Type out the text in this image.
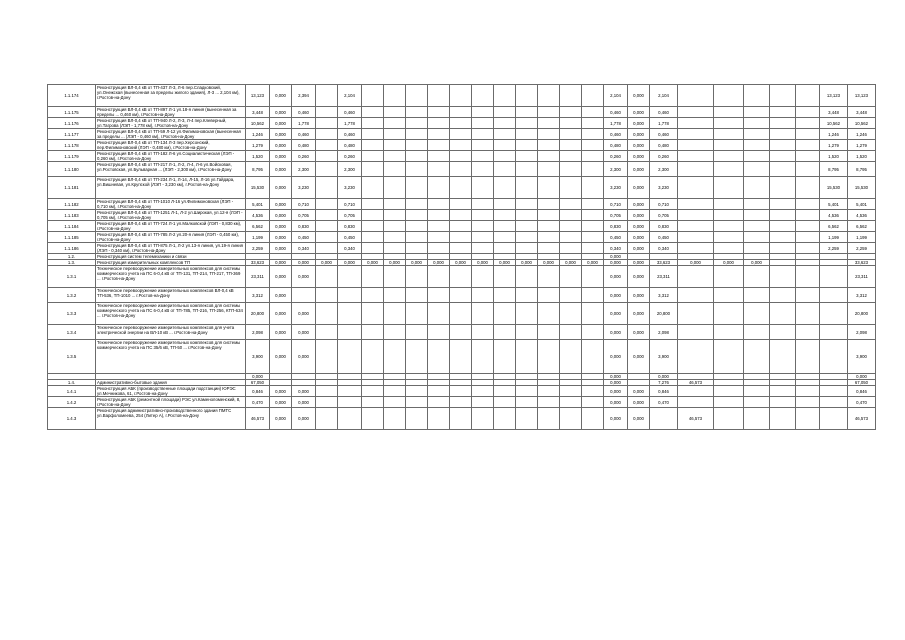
1.1.174	Реконструкция ВЛ-0,4 кВ от ТП-437 Л-3, Л-6 пер.Сладковский, ул.Онежская (вынесенная за пределы жилого здания), Л-3 ... 2,104 км), г.Ростов-на-Дону	13,123	0,000	2,394		2,104												2,104	0,000	2,104						13,123	13,123
1.1.175	Реконструкция ВЛ-0,4 кВ от ТП-897 Л-1 ул.18-я линия (вынесенная за пределы ... 0,460 км), г.Ростов-на-Дону	3,448	0,000	0,460		0,460												0,460	0,000	0,460						3,448	3,448
1.1.176	Реконструкция ВЛ-0,4 кВ от ТП-940 Л-2, Л-3, Л-4 пер.Клеверный, ул.Тагрова (ЛЭП - 1,778 км), г.Ростов-на-Дону	10,562	0,000	1,778		1,778												1,778	0,000	1,778						10,562	10,562
1.1.177	Реконструкция ВЛ-0,4 кВ от ТП-59 Л-12 ул.Филимоновская (вынесенная за пределы ... (ЛЭП - 0,460 км), г.Ростов-на-Дону	1,246	0,000	0,460		0,460												0,460	0,000	0,460						1,246	1,246
1.1.178	Реконструкция ВЛ-0,4 кВ от ТП-134 Л-3 пер.Херсонский, пер.Филимоновский (ЛЭП - 0,480 км), г.Ростов-на-Дону	1,279	0,000	0,480		0,480												0,480	0,000	0,480						1,279	1,279
1.1.179	Реконструкция ВЛ-0,4 кВ от ТП-182 Л-6 ул.Социалистическая (ЛЭП - 0,260 км), г.Ростов-на-Дону	1,520	0,000	0,260		0,260												0,260	0,000	0,260						1,520	1,520
1.1.180	Реконструкция ВЛ-0,4 кВ от ТП-217 Л-1, Л-2, Л-4, Л-6 ул.Войсковая, ул.Ростовская, ул.Бульварная ... (ЛЭП - 2,300 км), г.Ростов-на-Дону	8,795	0,000	2,300		2,300												2,300	0,000	2,300						8,795	8,795
1.1.181	Реконструкция ВЛ-0,4 кВ от ТП-234 Л-1, Л-14, Л-15, Л-16 ул.Гайдара, ул.Вишневая, ул.Крупской (ЛЭП - 3,230 км), г.Ростов-на-Дону	15,530	0,000	3,230		3,230												3,230	0,000	3,230						15,530	15,530
1.1.182	Реконструкция ВЛ-0,4 кВ от ТП-1010 Л-16 ул.Филимоновская (ЛЭП - 0,710 км), г.Ростов-на-Дону	5,401	0,000	0,710		0,710												0,710	0,000	0,710						5,401	5,401
1.1.183	Реконструкция ВЛ-0,4 кВ от ТП-1251 Л-1, Л-2 ул.Широкая, ул.12-я (ЛЭП - 0,705 км), г.Ростов-на-Дону	4,536	0,000	0,705		0,705												0,705	0,000	0,705						4,536	4,536
1.1.184	Реконструкция ВЛ-0,4 кВ от ТП-724 Л-1 ул.Малковской (ЛЭП - 0,830 км), г.Ростов-на-Дону	6,562	0,000	0,830		0,830												0,830	0,000	0,830						6,562	6,562
1.1.185	Реконструкция ВЛ-0,4 кВ от ТП-785 Л-2 ул.20-я линия (ЛЭП - 0,450 км), г.Ростов-на-Дону	1,199	0,000	0,450		0,450												0,450	0,000	0,450						1,199	1,199
1.1.186	Реконструкция ВЛ-0,4 кВ от ТП-875 Л-1, Л-2 ул.13-я линия, ул.19-я линия (ЛЭП - 0,340 км), г.Ростов-на-Дону	2,259	0,000	0,340		0,340												0,340	0,000	0,340						2,259	2,259
1.2.	Реконструкция систем телемеханики и связи																	0,000									
1.3.	Реконструкция измерительных комплексов ТП	33,623	0,000	0,000	0,000	0,000	0,000	0,000	0,000	0,000	0,000	0,000	0,000	0,000	0,000	0,000	0,000	0,000	0,000	33,623	0,000	0,000	0,000				33,623
1.3.1	Техническое перевооружение измерительных комплексов для системы коммерческого учета на ПС 6-0,4 кВ от ТП-131, ТП-214, ТП-217, ТП-369 ... г.Ростов-на-Дону	23,311	0,000	0,000														0,000	0,000	23,311							23,311
1.3.2	Техническое перевооружение измерительных комплексов ВЛ-0,4 кВ ТП-536, ТП-1010 ... г.Ростов-на-Дону	3,312	0,000															0,000	0,000	3,312							3,312
1.3.3	Техническое перевооружение измерительных комплексов для системы коммерческого учета на ПС 6-0,4 кВ от ТП-785, ТП-216, ТП-256, КТП-634 ... г.Ростов-на-Дону	20,800	0,000	0,000														0,000	0,000	20,800							20,800
1.3.4	Техническое перевооружение измерительных комплексов для учета электрической энергии на ВЛ-10 кВ ... г.Ростов-на-Дону	2,098	0,000	0,000														0,000	0,000	2,098							2,098
1.3.5	Техническое перевооружение измерительных комплексов для системы коммерческого учета на ПС 35/6 кВ, ТП-50 ... г.Ростов-на-Дону	3,900	0,000	0,000														0,000	0,000	3,900							3,900
		0,000																0,000		0,000							0,000
1.4.	Административно-бытовые здания	67,050																0,000		7,276	46,573						67,050
1.4.1	Реконструкция АБК (производственные площади подстанции) ЮРЭС ул.Мечникова, 61, г.Ростов-на-Дону	0,846	0,000	0,000														0,000	0,000	0,846							0,846
1.4.2	Реконструкция АБК (ремонтной площади) РЭС ул.Каменоломенский, 8, г.Ростов-на-Дону	0,470	0,000	0,000														0,000	0,000	0,470							0,470
1.4.3	Реконструкция административно-производственного здания ПМТС ул.Варфоломеева, 254 (Литер А), г.Ростов-на-Дону	46,573	0,000	0,000														0,000	0,000		46,573						46,573
